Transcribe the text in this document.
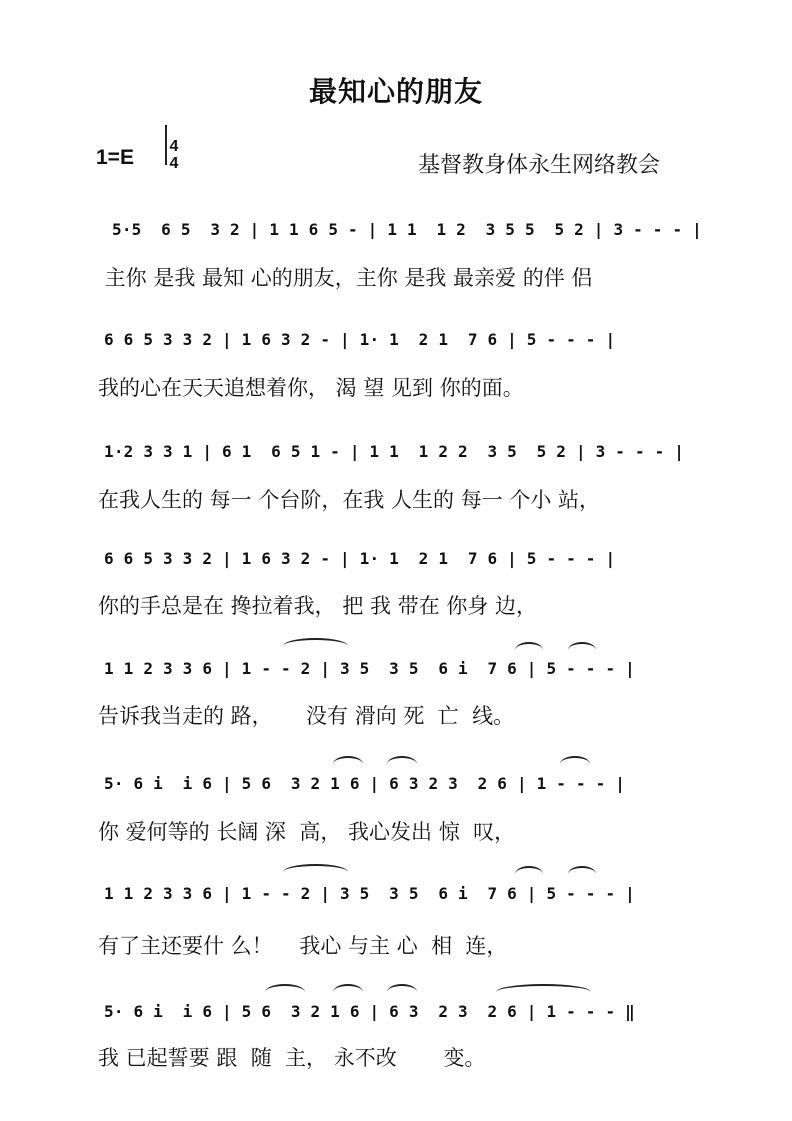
最知心的朋友
1=E	4
4	基督教身体永生网络教会
5·5  6 5  3 2 | 1 1 6 5 - | 1 1  1 2  3 5 5  5 2 | 3 - - - |
主你 是我 最知 心的朋友，主你 是我 最亲爱 的伴 侣
6 6 5 3 3 2 | 1 6 3 2 - | 1· 1  2 1  7 6 | 5 - - - |
我的心在天天追想着你， 渴 望 见到 你的面。
1·2 3 3 1 | 6 1  6 5 1 - | 1 1  1 2 2  3 5  5 2 | 3 - - - |
在我人生的 每一 个台阶，在我 人生的 每一 个小 站，
6 6 5 3 3 2 | 1 6 3 2 - | 1· 1  2 1  7 6 | 5 - - - |
你的手总是在 搀拉着我， 把 我 带在 你身 边，
1 1 2 3 3 6 | 1 - - 2 | 3 5  3 5  6 i  7 6 | 5 - - - |
告诉我当走的 路，     没有 滑向 死  亡  线。
5· 6 i  i 6 | 5 6  3 2 1 6 | 6 3 2 3  2 6 | 1 - - - |
你 爱何等的 长阔 深  高， 我心发出 惊  叹，
1 1 2 3 3 6 | 1 - - 2 | 3 5  3 5  6 i  7 6 | 5 - - - |
有了主还要什 么！    我心 与主 心  相  连，
5· 6 i  i 6 | 5 6  3 2 1 6 | 6 3  2 3  2 6 | 1 - - - ‖
我 已起誓要 跟  随  主， 永不改       变。
